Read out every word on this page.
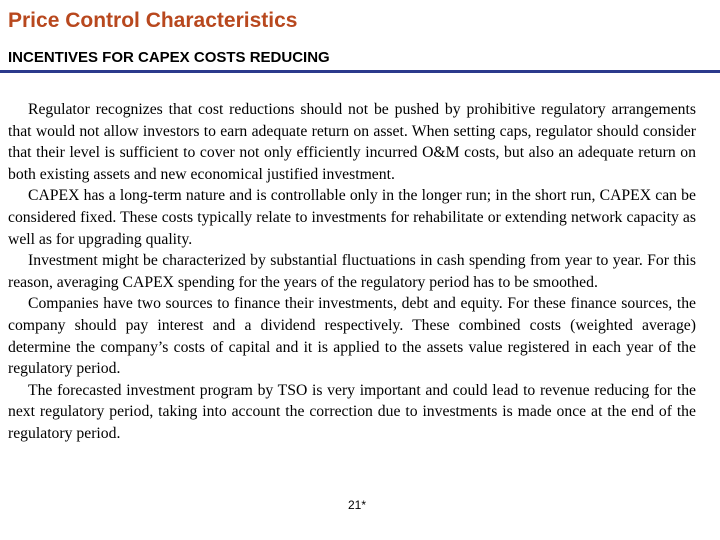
Price Control Characteristics
INCENTIVES FOR CAPEX COSTS REDUCING

Regulator recognizes that cost reductions should not be pushed by prohibitive regulatory arrangements that would not allow investors to earn adequate return on asset. When setting caps, regulator should consider that their level is sufficient to cover not only efficiently incurred O&M costs, but also an adequate return on both existing assets and new economical justified investment.

CAPEX has a long-term nature and is controllable only in the longer run; in the short run, CAPEX can be considered fixed. These costs typically relate to investments for rehabilitate or extending network capacity as well as for upgrading quality.

Investment might be characterized by substantial fluctuations in cash spending from year to year. For this reason, averaging CAPEX spending for the years of the regulatory period has to be smoothed.

Companies have two sources to finance their investments, debt and equity. For these finance sources, the company should pay interest and a dividend respectively. These combined costs (weighted average) determine the company’s costs of capital and it is applied to the assets value registered in each year of the regulatory period.

The forecasted investment program by TSO is very important and could lead to revenue reducing for the next regulatory period, taking into account the correction due to investments is made once at the end of the regulatory period.

21*
